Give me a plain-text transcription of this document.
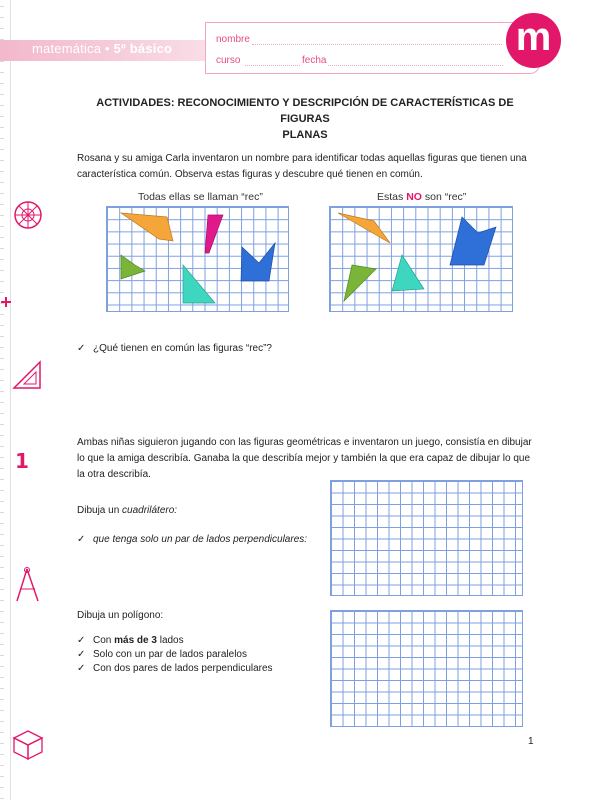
1
matemática • 5º básico
nombre
curso	fecha
m
ACTIVIDADES: RECONOCIMIENTO Y DESCRIPCIÓN DE CARACTERÍSTICAS DE FIGURAS
PLANAS
Rosana y su amiga Carla inventaron un nombre para identificar todas aquellas figuras que tienen una
característica común. Observa estas figuras y descubre qué tienen en común.
Todas ellas se llaman “rec”	Estas NO son “rec”
✓ ¿Qué tienen en común las figuras “rec”?
Ambas niñas siguieron jugando con las figuras geométricas e inventaron un juego, consistía en dibujar
lo que la amiga describía. Ganaba la que describía mejor y también la que era capaz de dibujar lo que
la otra describía.
Dibuja un cuadrilátero:
✓ que tenga solo un par de lados perpendiculares:
Dibuja un polígono:
✓ Con más de 3 lados
✓ Solo con un par de lados paralelos
✓ Con dos pares de lados perpendiculares
1
